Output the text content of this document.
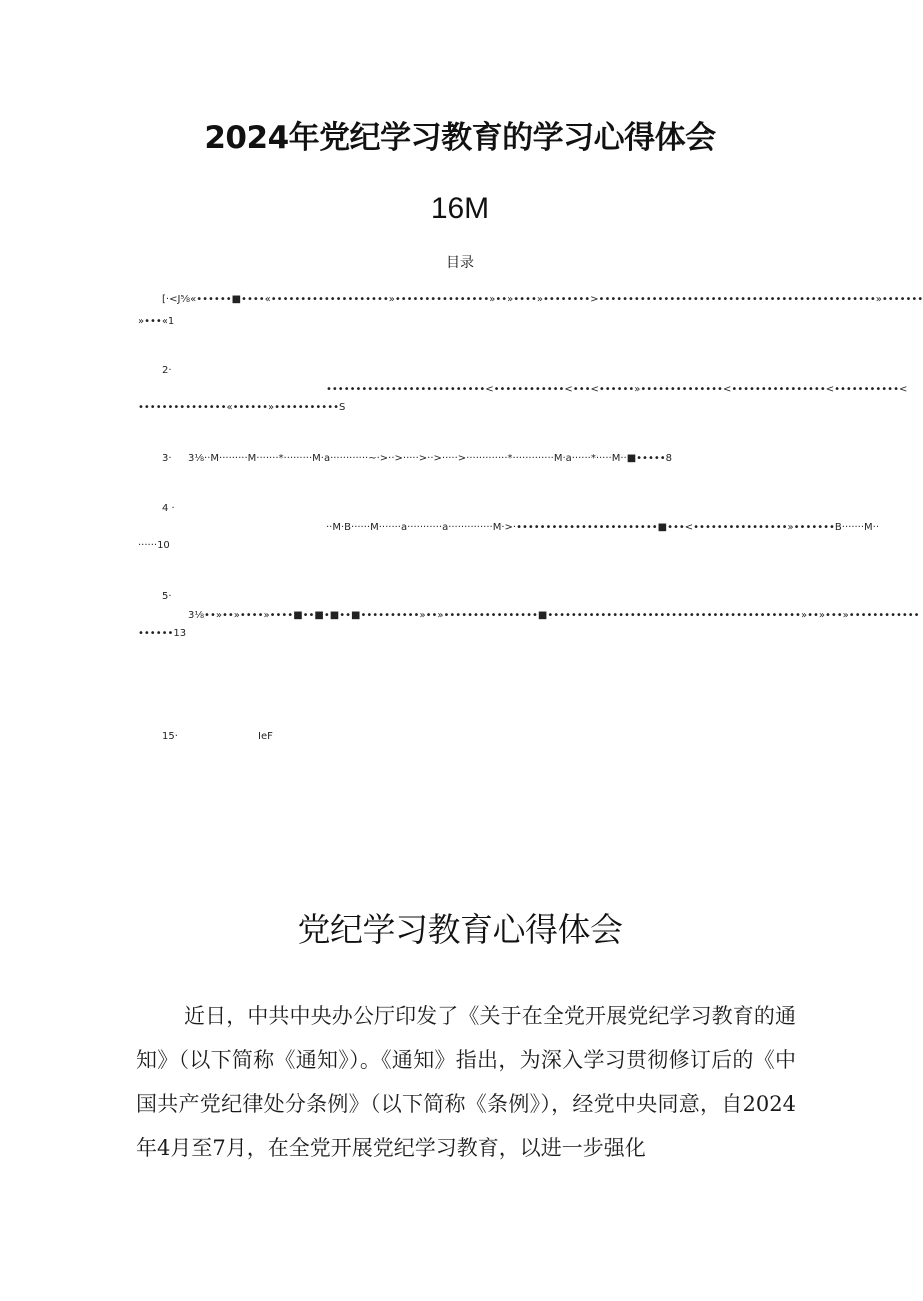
2024年党纪学习教育的学习心得体会
16M
目录
[·<J⅝«••••••■••••«••••••••••••••••••••»••••••••••••••••»••»••••»••••••••>•••••••••••••••••••••••••••••••••••••••••••••••»•••••••
»•••«1
2·
•••••••••••••••••••••••••••<••••••••••••<•••<••••••»••••••••••••••<••••••••••••••••<•••••••••••<
•••••••••••••••«••••••»•••••••••••S
3· 3⅛··M·········M·······*·········M·a············~·>··>·····>··>·····>·············*·············M·a······*·····M··■•••••8
4 ·
··M·B······M·······a···········a··············M·>·••••••••••••••••••••••••■•••<••••••••••••••••»•••••••B·······M··
······10
5·
3⅛••»••»••••»••••■••■•■••■••••••••••»••»••••••••••••••••■•••••••••••••••••••••••••••••••••••••••••••»••»•••»••••••••••••
••••••13
15·	IeF
党纪学习教育心得体会
近日，中共中央办公厅印发了《关于在全党开展党纪学习教育的通知》（以下简称《通知》）。《通知》指出，为深入学习贯彻修订后的《中国共产党纪律处分条例》（以下简称《条例》），经党中央同意，自2024年4月至7月，在全党开展党纪学习教育，以进一步强化
